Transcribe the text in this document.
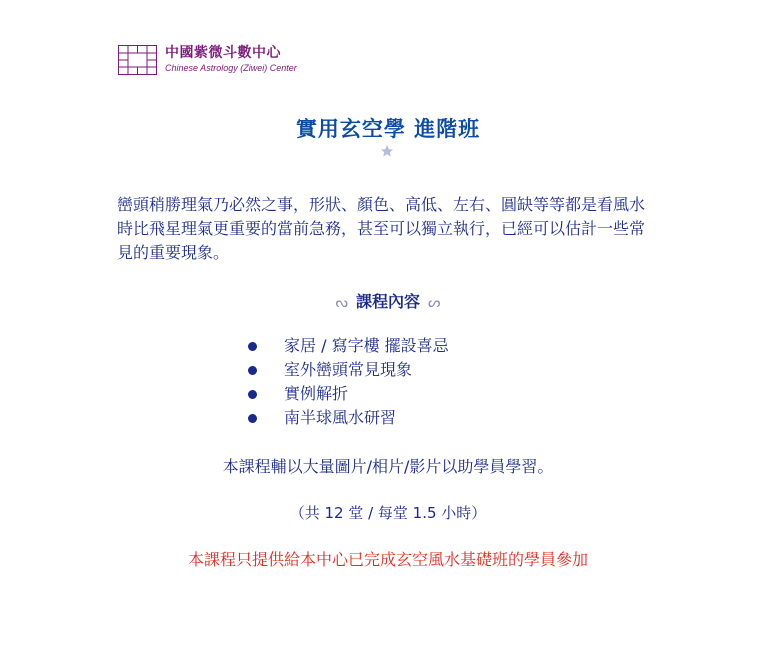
中國紫微斗數中心
Chinese Astrology (Ziwei) Center
實用玄空學 進階班

巒頭稍勝理氣乃必然之事，形狀、顏色、高低、左右、圓缺等等都是看風水時比飛星理氣更重要的當前急務，甚至可以獨立執行，已經可以估計一些常見的重要現象。

ᔓ 課程內容 ᔕ
家居 / 寫字樓 擺設喜忌
室外巒頭常見現象
實例解折
南半球風水研習
本課程輔以大量圖片/相片/影片以助學員學習。
（共 12 堂 / 每堂 1.5 小時）
本課程只提供給本中心已完成玄空風水基礎班的學員參加
